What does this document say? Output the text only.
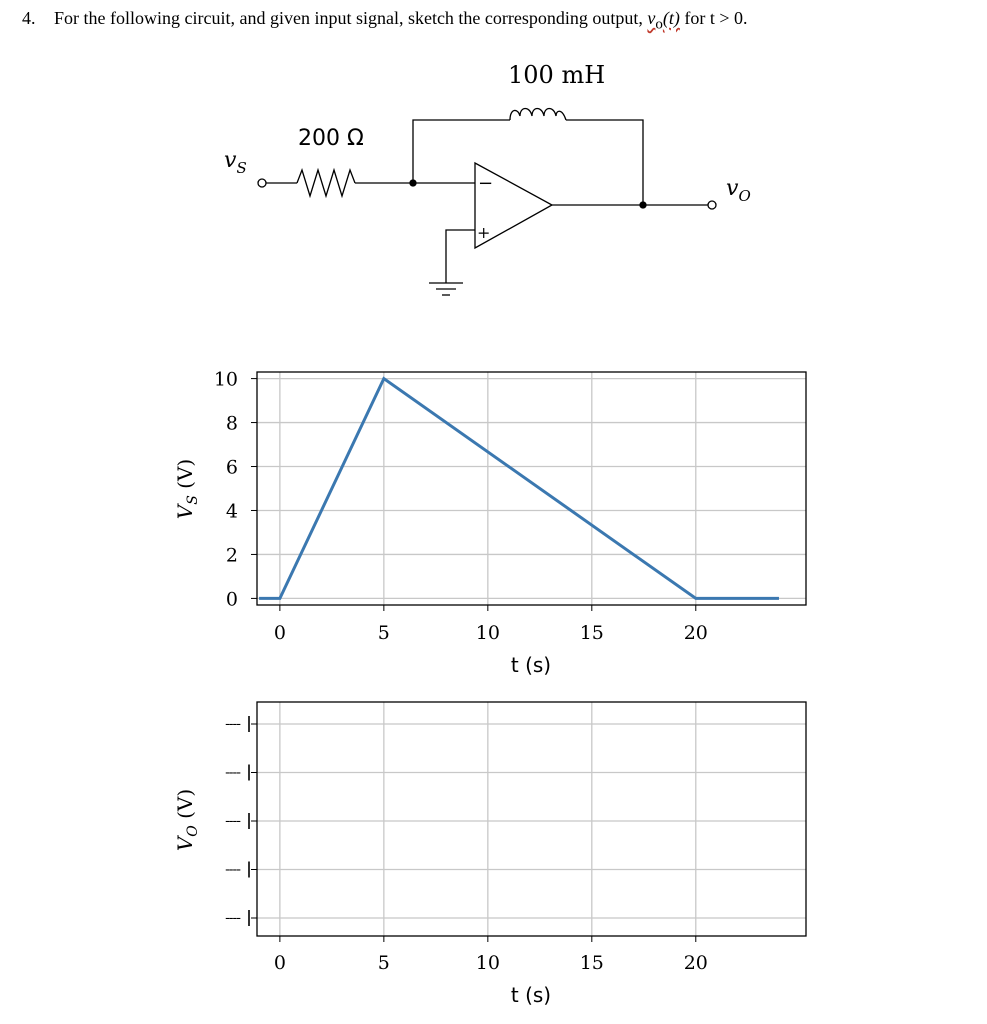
4. For the following circuit, and given input signal, sketch the corresponding output, $v_o(t)$ for t > 0.
−
+
200 Ω
100 mH
$v_S$
$v_O$
0	5	10	15	20
0
2
4
6
8
10
t (s)
$V_S$ (V)
0	5	10	15	20
----
----
----
----
----
t (s)
$V_O$ (V)
